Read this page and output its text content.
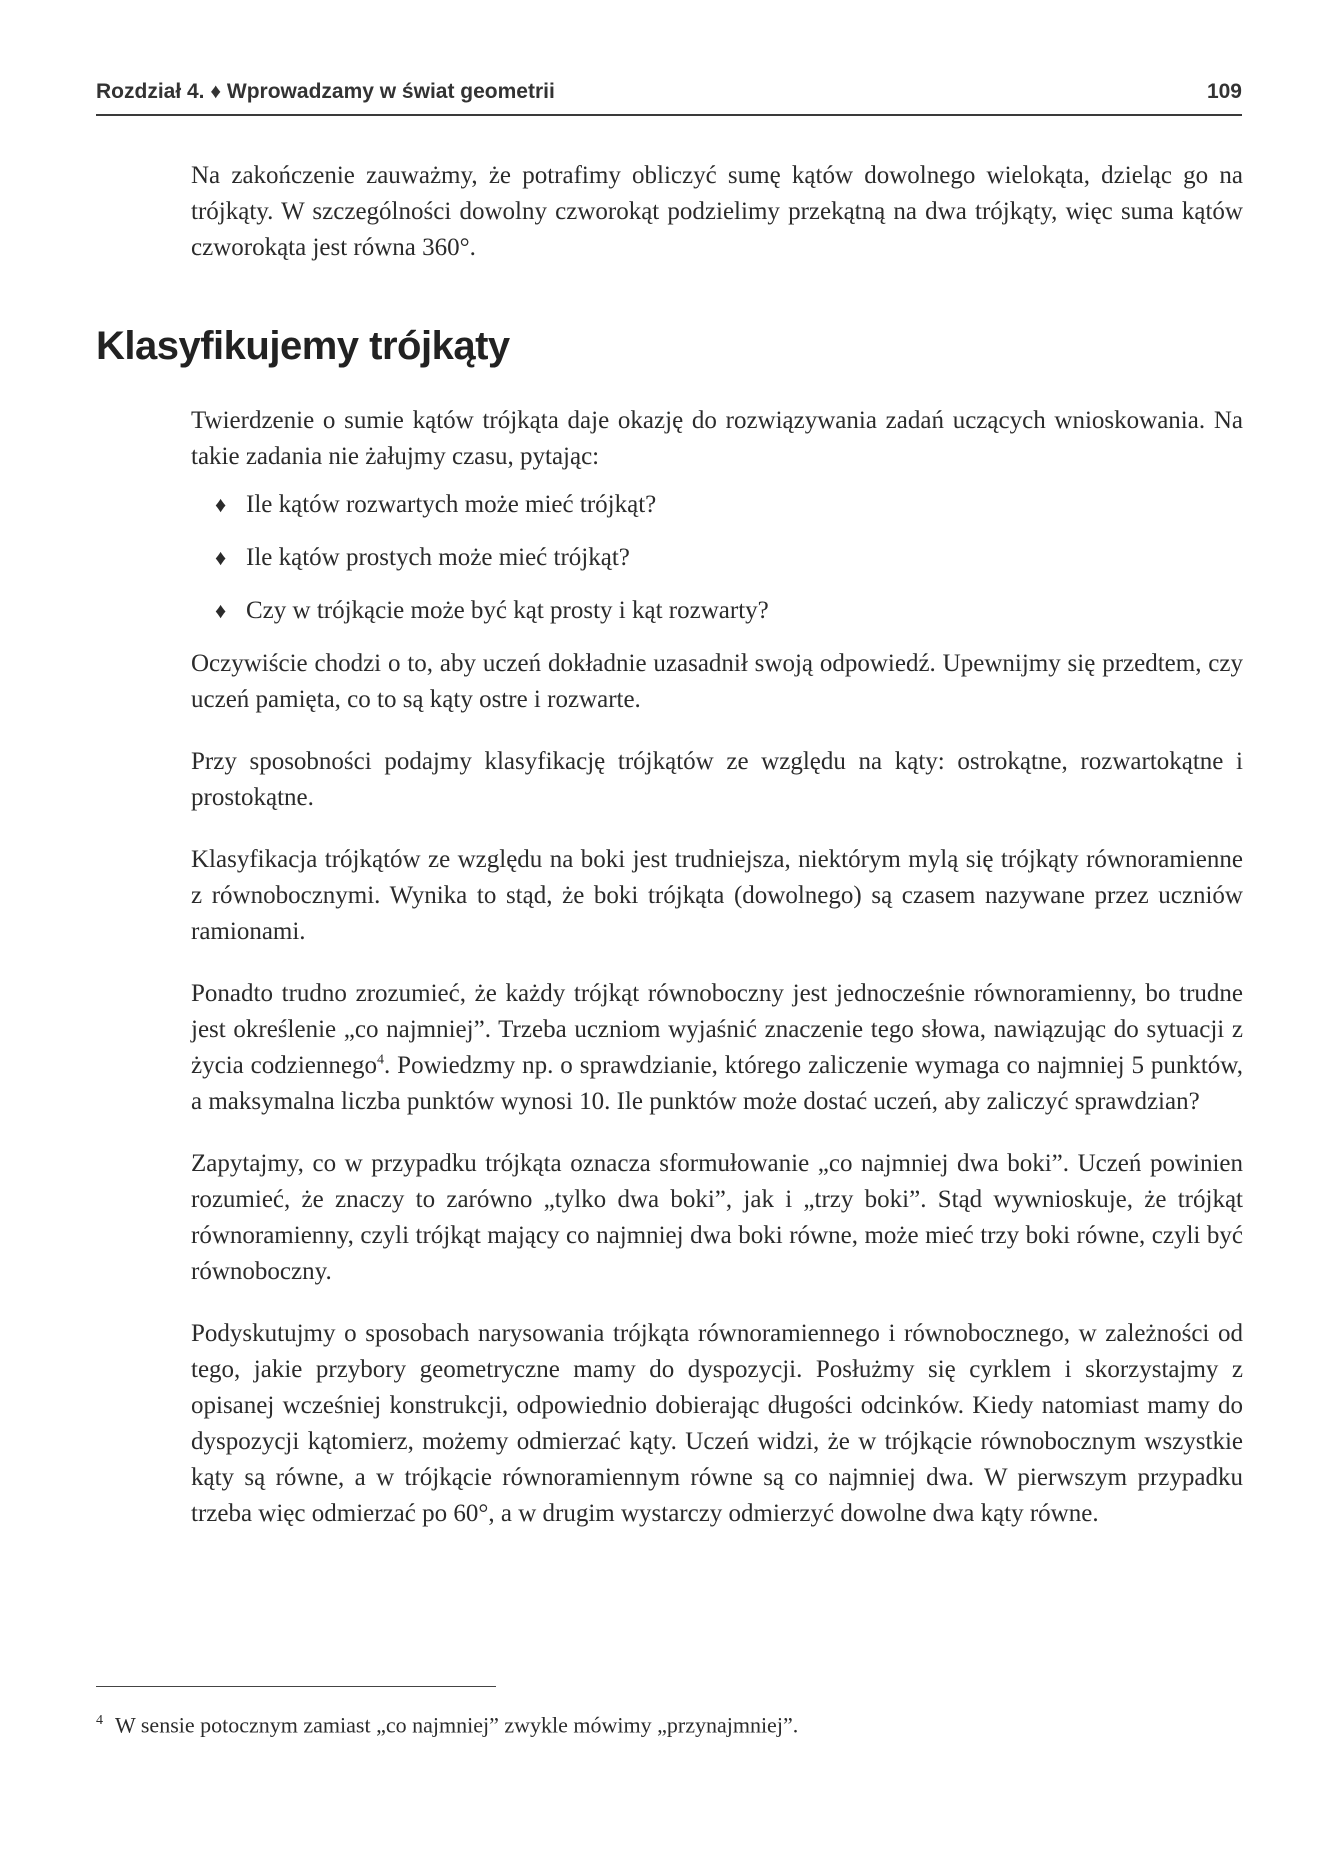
Rozdział 4. ♦ Wprowadzamy w świat geometrii	109

Na zakończenie zauważmy, że potrafimy obliczyć sumę kątów dowolnego wielokąta, dzieląc go na trójkąty. W szczególności dowolny czworokąt podzielimy przekątną na dwa trójkąty, więc suma kątów czworokąta jest równa 360°.

Klasyfikujemy trójkąty

Twierdzenie o sumie kątów trójkąta daje okazję do rozwiązywania zadań uczących wnioskowania. Na takie zadania nie żałujmy czasu, pytając:

♦ Ile kątów rozwartych może mieć trójkąt?
♦ Ile kątów prostych może mieć trójkąt?
♦ Czy w trójkącie może być kąt prosty i kąt rozwarty?

Oczywiście chodzi o to, aby uczeń dokładnie uzasadnił swoją odpowiedź. Upewnijmy się przedtem, czy uczeń pamięta, co to są kąty ostre i rozwarte.

Przy sposobności podajmy klasyfikację trójkątów ze względu na kąty: ostrokątne, rozwartokątne i prostokątne.

Klasyfikacja trójkątów ze względu na boki jest trudniejsza, niektórym mylą się trójkąty równoramienne z równobocznymi. Wynika to stąd, że boki trójkąta (dowolnego) są czasem nazywane przez uczniów ramionami.

Ponadto trudno zrozumieć, że każdy trójkąt równoboczny jest jednocześnie równoramienny, bo trudne jest określenie „co najmniej”. Trzeba uczniom wyjaśnić znaczenie tego słowa, nawiązując do sytuacji z życia codziennego$^4$. Powiedzmy np. o sprawdzianie, którego zaliczenie wymaga co najmniej 5 punktów, a maksymalna liczba punktów wynosi 10. Ile punktów może dostać uczeń, aby zaliczyć sprawdzian?

Zapytajmy, co w przypadku trójkąta oznacza sformułowanie „co najmniej dwa boki”. Uczeń powinien rozumieć, że znaczy to zarówno „tylko dwa boki”, jak i „trzy boki”. Stąd wywnioskuje, że trójkąt równoramienny, czyli trójkąt mający co najmniej dwa boki równe, może mieć trzy boki równe, czyli być równoboczny.

Podyskutujmy o sposobach narysowania trójkąta równoramiennego i równobocznego, w zależności od tego, jakie przybory geometryczne mamy do dyspozycji. Posłużmy się cyrklem i skorzystajmy z opisanej wcześniej konstrukcji, odpowiednio dobierając długości odcinków. Kiedy natomiast mamy do dyspozycji kątomierz, możemy odmierzać kąty. Uczeń widzi, że w trójkącie równobocznym wszystkie kąty są równe, a w trójkącie równoramiennym równe są co najmniej dwa. W pierwszym przypadku trzeba więc odmierzać po 60°, a w drugim wystarczy odmierzyć dowolne dwa kąty równe.

$^4$ W sensie potocznym zamiast „co najmniej” zwykle mówimy „przynajmniej”.
